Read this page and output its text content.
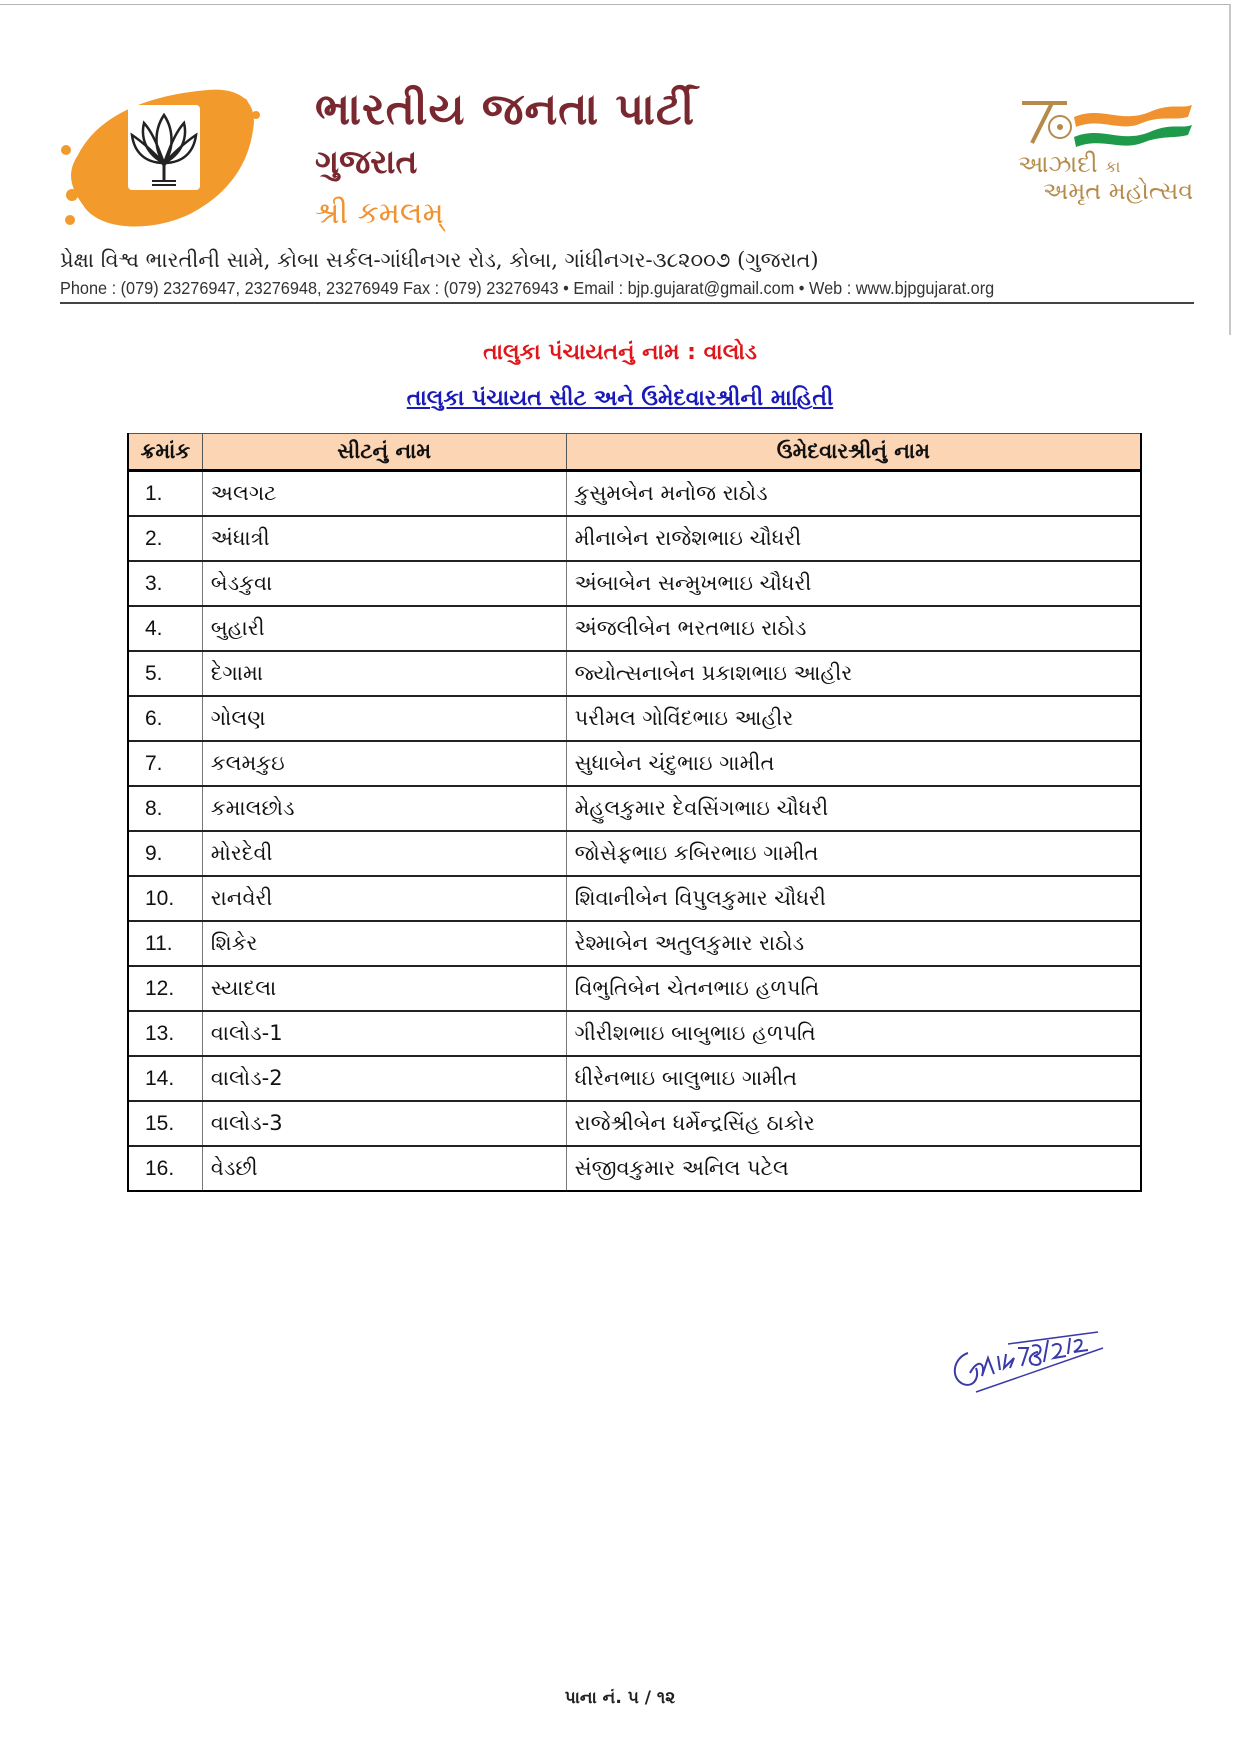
ભારતીય જનતા પાર્ટી
ગુજરાત
શ્રી કમલમ્
આઝાદી કા
અમૃત મહોત્સવ
પ્રેક્ષા વિશ્વ ભારતીની સામે, કોબા સર્કલ-ગાંધીનગર રોડ, કોબા, ગાંધીનગર-૩૮૨૦૦૭ (ગુજરાત)
Phone : (079) 23276947, 23276948, 23276949 Fax : (079) 23276943 • Email : bjp.gujarat@gmail.com • Web : www.bjpgujarat.org
તાલુકા પંચાયતનું નામ : વાલોડ
તાલુકા પંચાયત સીટ અને ઉમેદવારશ્રીની માહિતી
ક્રમાંક	સીટનું નામ	ઉમેદવારશ્રીનું નામ
1.	અલગટ	કુસુમબેન મનોજ રાઠોડ
2.	અંધાત્રી	મીનાબેન રાજેશભાઇ ચૌધરી
3.	બેડકુવા	અંબાબેન સન્મુખભાઇ ચૌધરી
4.	બુહારી	અંજલીબેન ભરતભાઇ રાઠોડ
5.	દેગામા	જ્યોત્સનાબેન પ્રકાશભાઇ આહીર
6.	ગોલણ	પરીમલ ગોવિંદભાઇ આહીર
7.	કલમકુઇ	સુધાબેન ચંદુભાઇ ગામીત
8.	કમાલછોડ	મેહુલકુમાર દેવસિંગભાઇ ચૌધરી
9.	મોરદેવી	જોસેફભાઇ કબિરભાઇ ગામીત
10.	રાનવેરી	શિવાનીબેન વિપુલકુમાર ચૌધરી
11.	શિકેર	રેશ્માબેન અતુલકુમાર રાઠોડ
12.	સ્યાદલા	વિભુતિબેન ચેતનભાઇ હળપતિ
13.	વાલોડ-1	ગીરીશભાઇ બાબુભાઇ હળપતિ
14.	વાલોડ-2	ધીરેનભાઇ બાલુભાઇ ગામીત
15.	વાલોડ-3	રાજેશ્રીબેન ધર્મેન્દ્રસિંહ ઠાકોર
16.	વેડછી	સંજીવકુમાર અનિલ પટેલ
પાના નં. ૫ / ૧૨
